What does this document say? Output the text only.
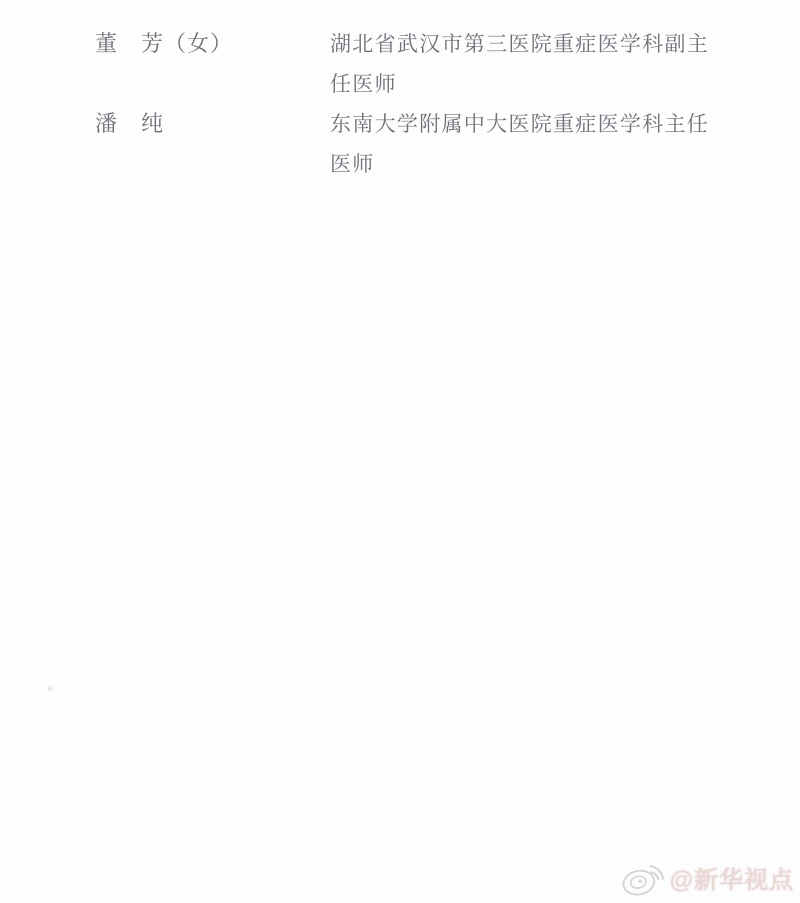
董　芳（女）	湖北省武汉市第三医院重症医学科副主
任医师
潘　纯	东南大学附属中大医院重症医学科主任
医师
@新华视点
